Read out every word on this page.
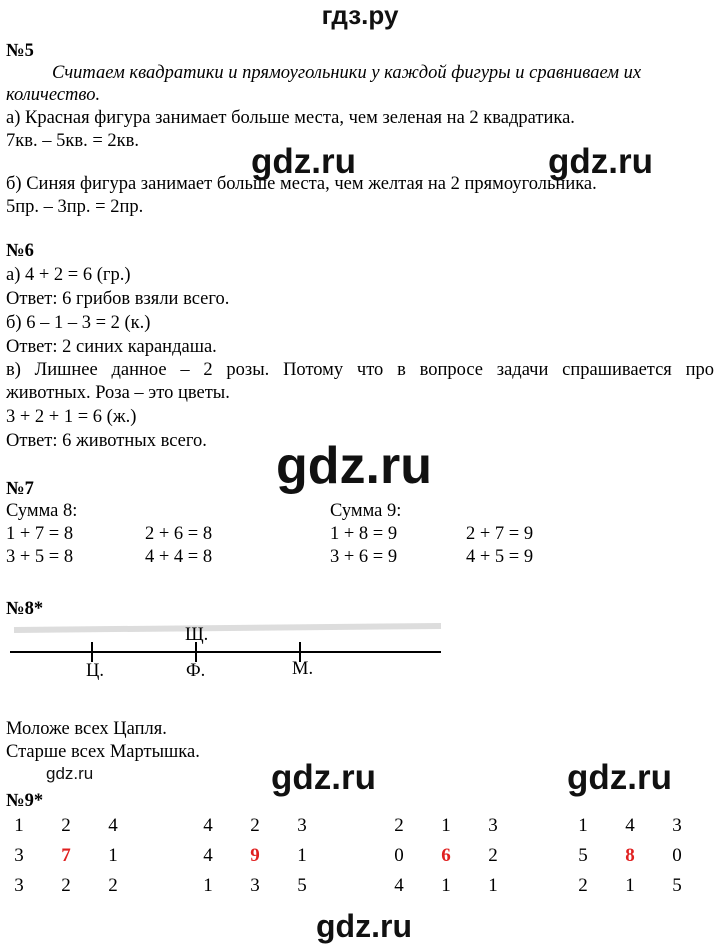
гдз.ру
№5
Считаем квадратики и прямоугольники у каждой фигуры и сравниваем их
количество.
а) Красная фигура занимает больше места, чем зеленая на 2 квадратика.
7кв. – 5кв. = 2кв.
б) Синяя фигура занимает больше места, чем желтая на 2 прямоугольника.
5пр. – 3пр. = 2пр.
gdz.ru	gdz.ru
№6
а) 4 + 2 = 6 (гр.)
Ответ: 6 грибов взяли всего.
б) 6 – 1 – 3 = 2 (к.)
Ответ: 2 синих карандаша.
в) Лишнее данное – 2 розы. Потому что в вопросе задачи спрашивается про
животных. Роза – это цветы.
3 + 2 + 1 = 6 (ж.)
Ответ: 6 животных всего. gdz.ru
№7
Сумма 8:	Сумма 9:
1 + 7 = 8	2 + 6 = 8
3 + 5 = 8	4 + 4 = 8
1 + 8 = 9	2 + 7 = 9
3 + 6 = 9	4 + 5 = 9
№8*
Щ.
Ц.	Ф.	М.
Моложе всех Цапля.
Старше всех Мартышка.
gdz.ru	gdz.ru	gdz.ru
№9*
1	2	4
3	7	1
3	2	2
4	2	3
4	9	1
1	3	5
2	1	3
0	6	2
4	1	1
1	4	3
5	8	0
2	1	5
gdz.ru
